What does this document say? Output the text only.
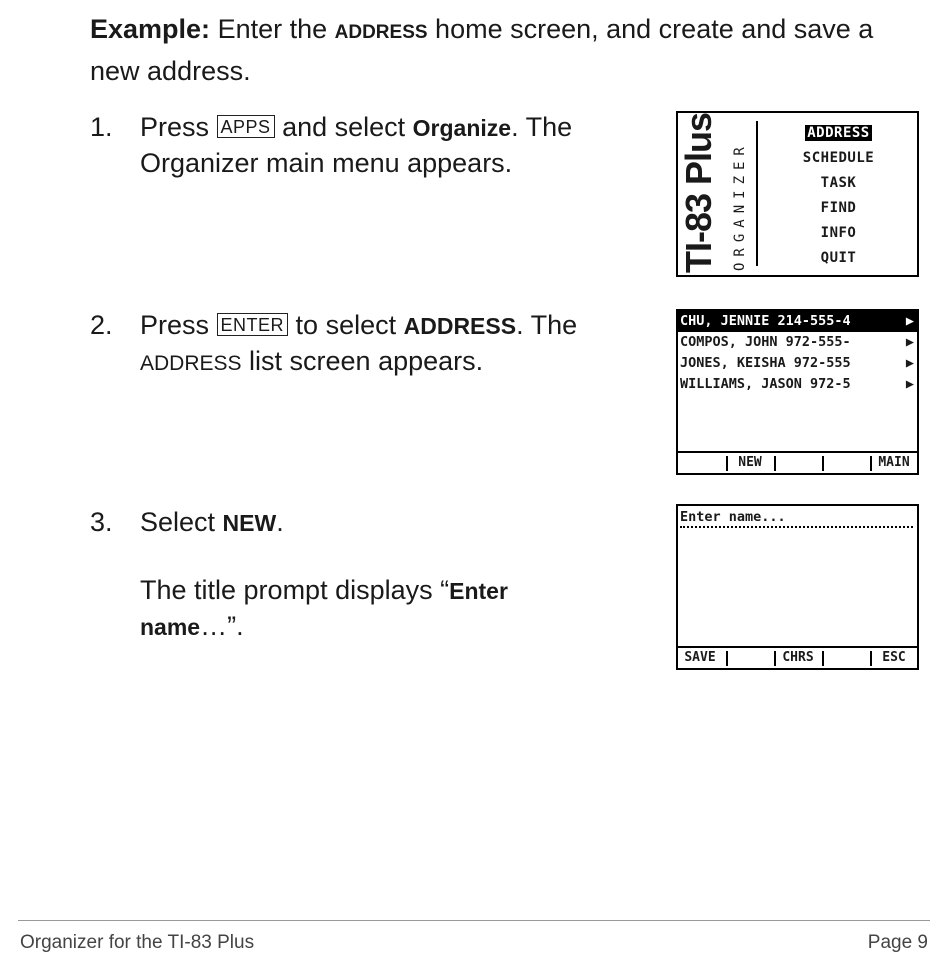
Example: Enter the ADDRESS home screen, and create and save a new address.
1. Press APPS and select Organize. The Organizer main menu appears.
2. Press ENTER to select ADDRESS. The ADDRESS list screen appears.
3. Select NEW.
The title prompt displays “Enter
name…”.
TI-83 Plus ORGANIZER
ADDRESS
SCHEDULE
TASK
FIND
INFO
QUIT
CHU, JENNIE 214-555-4	▶
COMPOS, JOHN 972-555-	▶
JONES, KEISHA 972-555	▶
WILLIAMS, JASON 972-5	▶
NEW	MAIN
Enter name...
SAVE	CHRS	ESC
Organizer for the TI-83 Plus	Page 9
